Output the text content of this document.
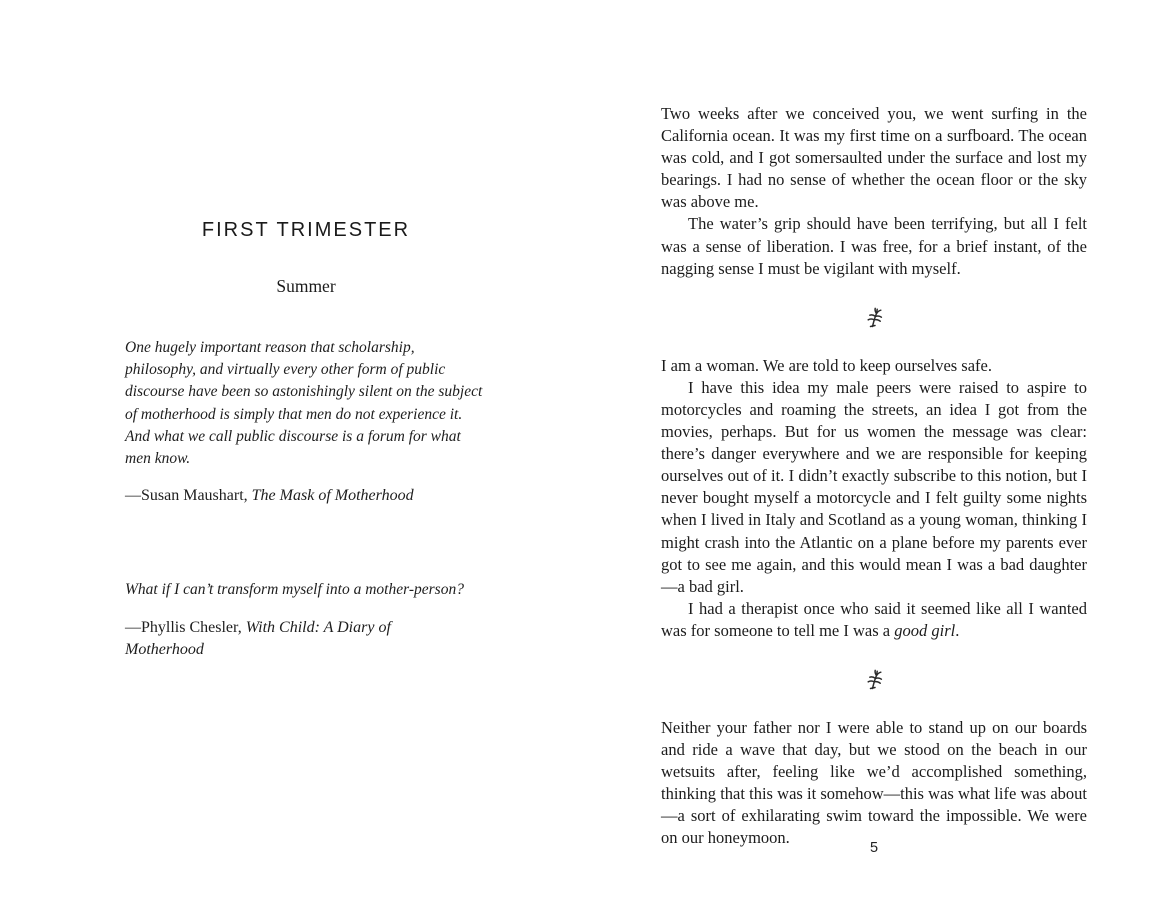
FIRST TRIMESTER
Summer
One hugely important reason that scholarship, philosophy, and virtually every other form of public discourse have been so astonishingly silent on the subject of motherhood is simply that men do not experience it. And what we call public discourse is a forum for what men know.
—Susan Maushart, The Mask of Motherhood
What if I can’t transform myself into a mother-person?
—Phyllis Chesler, With Child: A Diary of Motherhood

Two weeks after we conceived you, we went surfing in the California ocean. It was my first time on a surfboard. The ocean was cold, and I got somersaulted under the surface and lost my bearings. I had no sense of whether the ocean floor or the sky was above me.

The water’s grip should have been terrifying, but all I felt was a sense of liberation. I was free, for a brief instant, of the nagging sense I must be vigilant with myself.

I am a woman. We are told to keep ourselves safe.

I have this idea my male peers were raised to aspire to motorcycles and roaming the streets, an idea I got from the movies, perhaps. But for us women the message was clear: there’s danger everywhere and we are responsible for keeping ourselves out of it. I didn’t exactly subscribe to this notion, but I never bought myself a motorcycle and I felt guilty some nights when I lived in Italy and Scotland as a young woman, thinking I might crash into the Atlantic on a plane before my parents ever got to see me again, and this would mean I was a bad daughter—a bad girl.

I had a therapist once who said it seemed like all I wanted was for someone to tell me I was a good girl.

Neither your father nor I were able to stand up on our boards and ride a wave that day, but we stood on the beach in our wetsuits after, feeling like we’d accomplished something, thinking that this was it somehow—this was what life was about—a sort of exhilarating swim toward the impossible. We were on our honeymoon.

5
